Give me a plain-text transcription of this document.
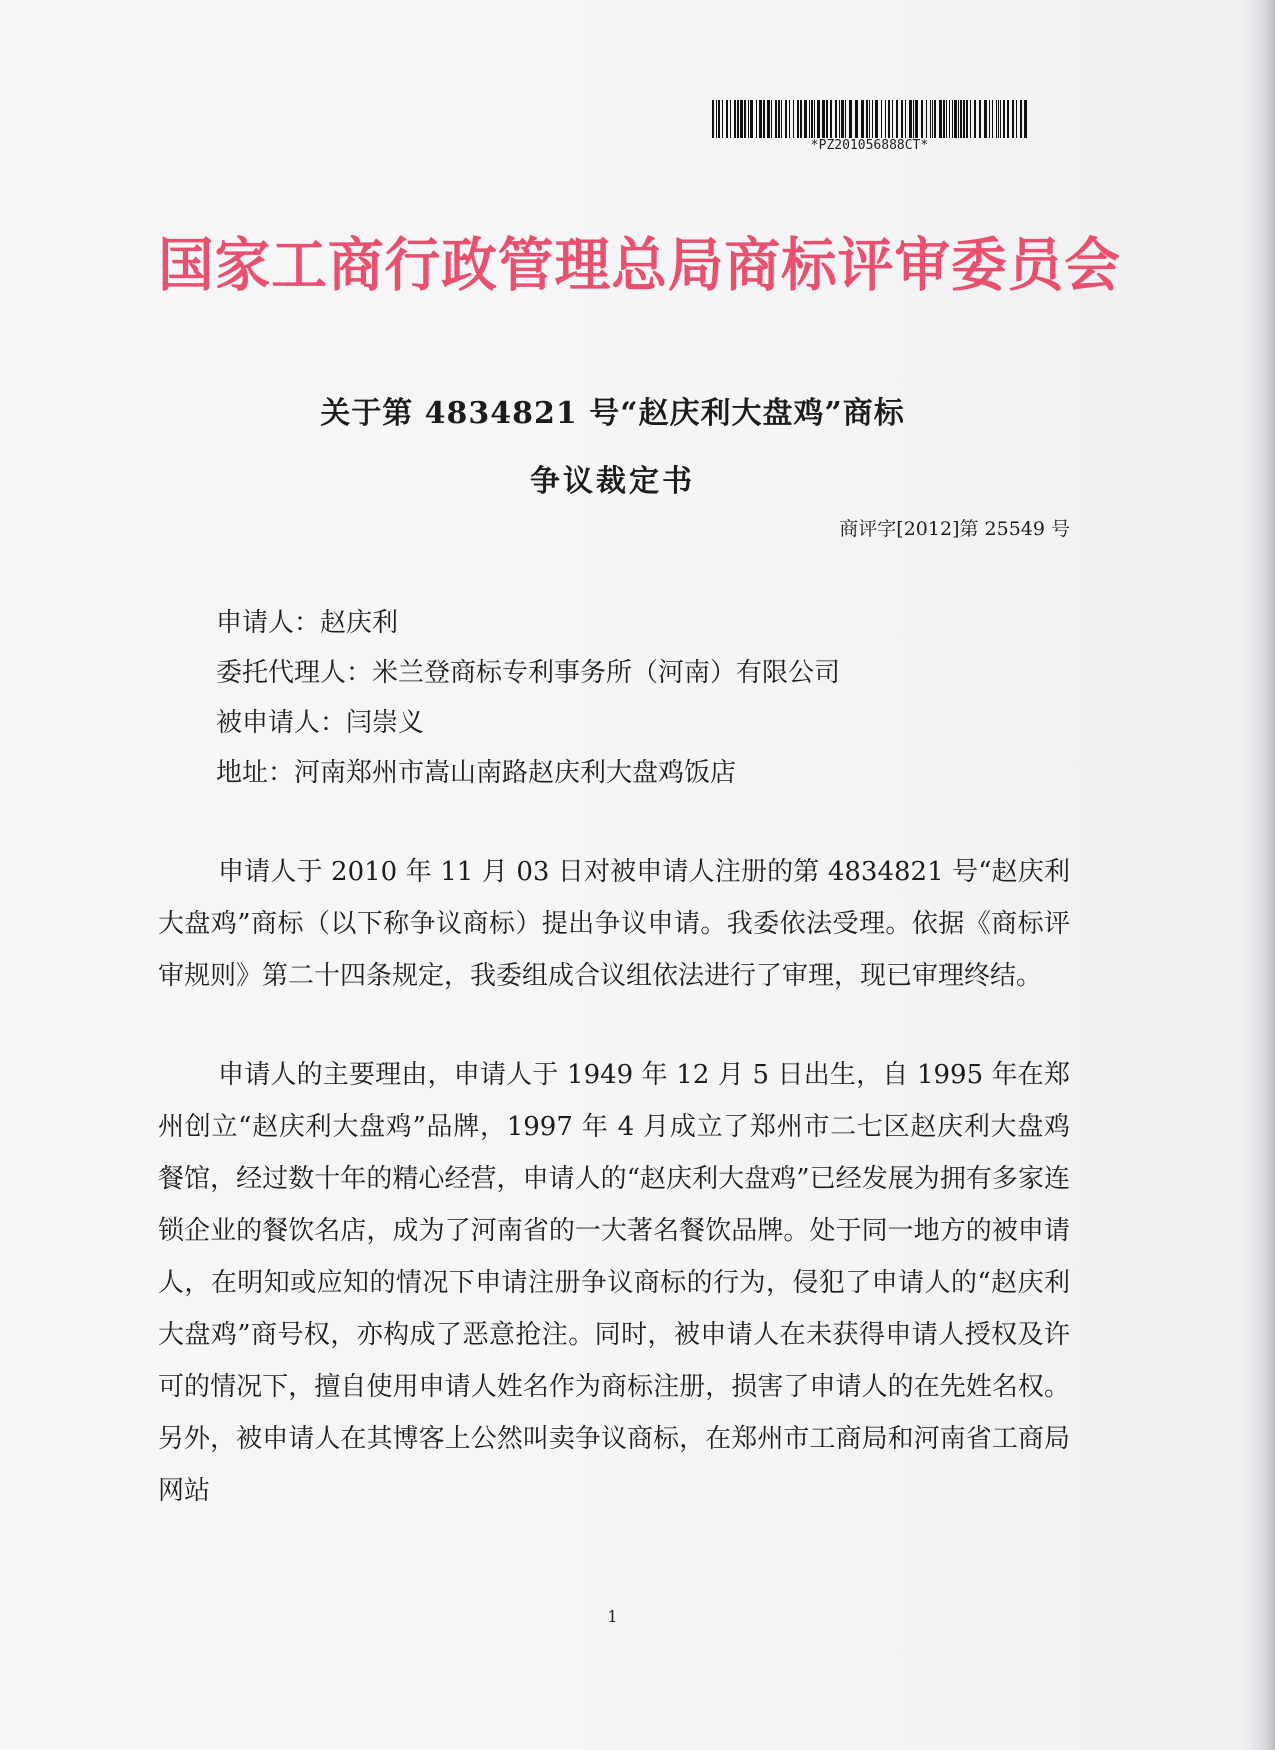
*PZ201056888CT*
国家工商行政管理总局商标评审委员会
关于第 4834821 号“赵庆利大盘鸡”商标
争议裁定书
商评字[2012]第 25549 号
申请人：赵庆利
委托代理人：米兰登商标专利事务所（河南）有限公司
被申请人：闫崇义
地址：河南郑州市嵩山南路赵庆利大盘鸡饭店
申请人于 2010 年 11 月 03 日对被申请人注册的第 4834821 号“赵庆利大盘鸡”商标（以下称争议商标）提出争议申请。我委依法受理。依据《商标评审规则》第二十四条规定，我委组成合议组依法进行了审理，现已审理终结。
申请人的主要理由，申请人于 1949 年 12 月 5 日出生，自 1995 年在郑州创立“赵庆利大盘鸡”品牌，1997 年 4 月成立了郑州市二七区赵庆利大盘鸡餐馆，经过数十年的精心经营，申请人的“赵庆利大盘鸡”已经发展为拥有多家连锁企业的餐饮名店，成为了河南省的一大著名餐饮品牌。处于同一地方的被申请人，在明知或应知的情况下申请注册争议商标的行为，侵犯了申请人的“赵庆利大盘鸡”商号权，亦构成了恶意抢注。同时，被申请人在未获得申请人授权及许可的情况下，擅自使用申请人姓名作为商标注册，损害了申请人的在先姓名权。另外，被申请人在其博客上公然叫卖争议商标，在郑州市工商局和河南省工商局网站
1
